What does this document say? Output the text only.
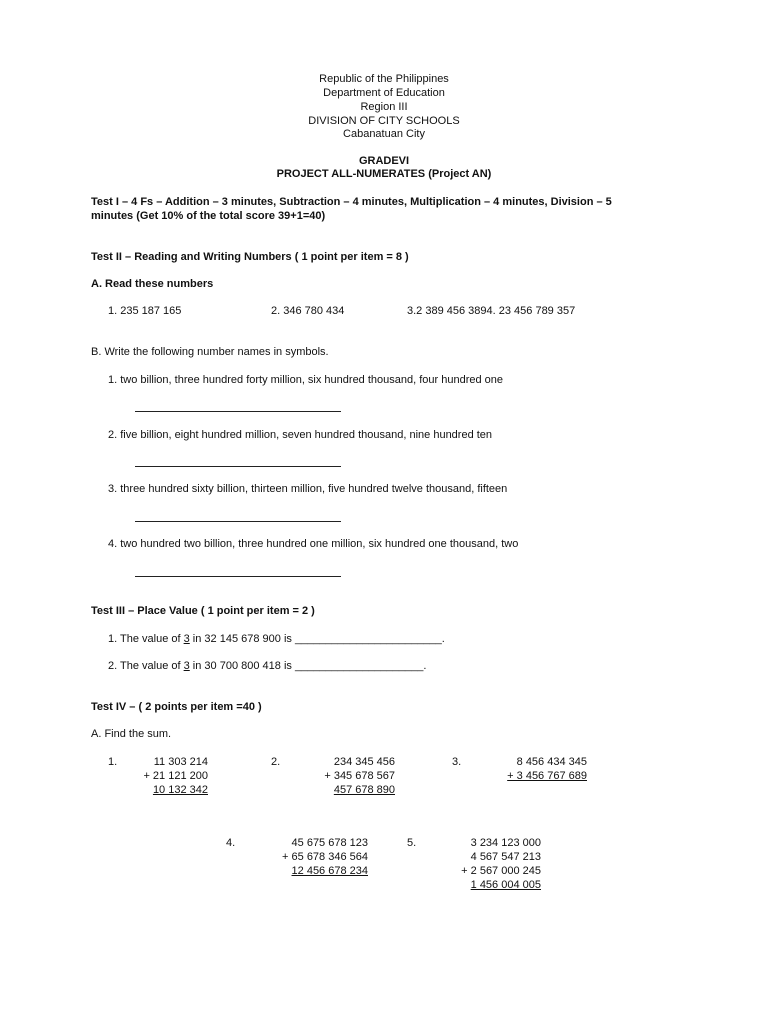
Republic of the Philippines
Department of Education
Region III
DIVISION OF CITY SCHOOLS
Cabanatuan City
GRADEVI
PROJECT ALL-NUMERATES (Project AN)
Test I – 4 Fs – Addition – 3 minutes, Subtraction – 4 minutes, Multiplication – 4 minutes, Division – 5
minutes (Get 10% of the total score 39+1=40)
Test II – Reading and Writing Numbers ( 1 point per item = 8 )
A. Read these numbers
1. 235 187 165	2. 346 780 434	3.2 389 456 3894. 23 456 789 357
B. Write the following number names in symbols.
1. two billion, three hundred forty million, six hundred thousand, four hundred one
2. five billion, eight hundred million, seven hundred thousand, nine hundred ten
3. three hundred sixty billion, thirteen million, five hundred twelve thousand, fifteen
4. two hundred two billion, three hundred one million, six hundred one thousand, two
Test III – Place Value ( 1 point per item = 2 )
1. The value of 3 in 32 145 678 900 is ________________________.
2. The value of 3 in 30 700 800 418 is _____________________.
Test IV – ( 2 points per item =40 )
A. Find the sum.
1.	11 303 214
+ 21 121 200
10 132 342
2.	234 345 456
+ 345 678 567
457 678 890
3.	8 456 434 345
+ 3 456 767 689
4.	45 675 678 123
+ 65 678 346 564
12 456 678 234
5.	3 234 123 000
4 567 547 213
+ 2 567 000 245
1 456 004 005
